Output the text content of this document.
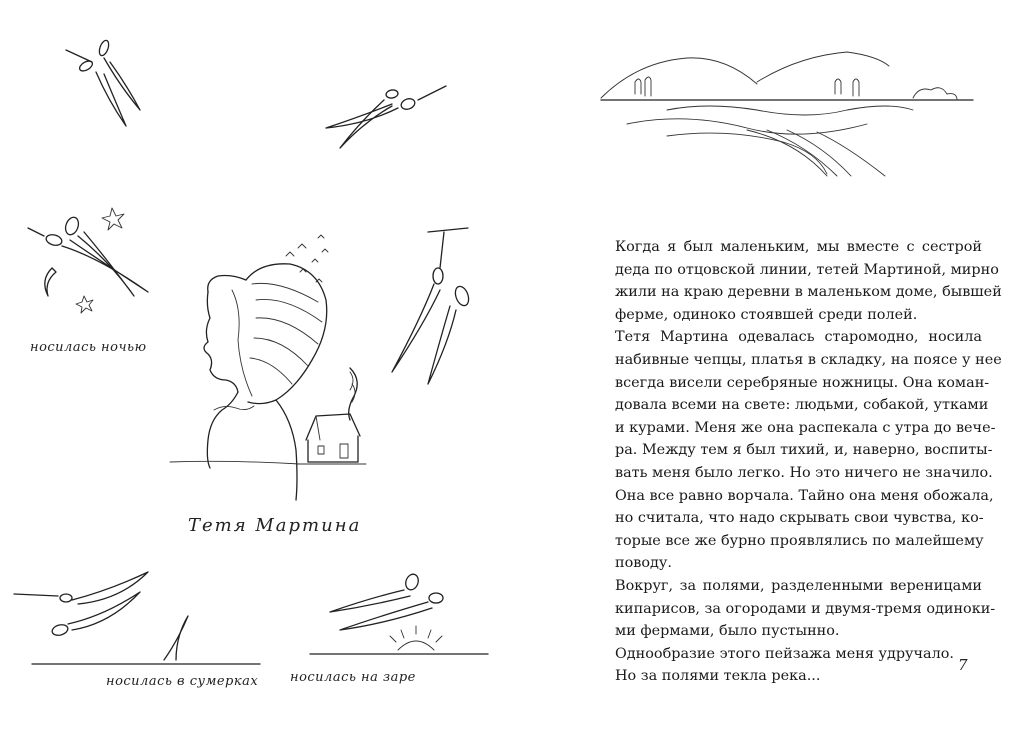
носилась ночью
Тетя Мартина
носилась в сумерках носилась на заре

Когда я был маленьким, мы вместе с сестрой
деда по отцовской линии, тетей Мартиной, мирно
жили на краю деревни в маленьком доме, бывшей
ферме, одиноко стоявшей среди полей.

Тетя Мартина одевалась старомодно, носила
набивные чепцы, платья в складку, на поясе у нее
всегда висели серебряные ножницы. Она коман-
довала всеми на свете: людьми, собакой, утками
и курами. Меня же она распекала с утра до вече-
ра. Между тем я был тихий, и, наверно, воспиты-
вать меня было легко. Но это ничего не значило.
Она все равно ворчала. Тайно она меня обожала,
но считала, что надо скрывать свои чувства, ко-
торые все же бурно проявлялись по малейшему
поводу.

Вокруг, за полями, разделенными вереницами
кипарисов, за огородами и двумя-тремя одиноки-
ми фермами, было пустынно.

Однообразие этого пейзажа меня удручало.

Но за полями текла река...

7
